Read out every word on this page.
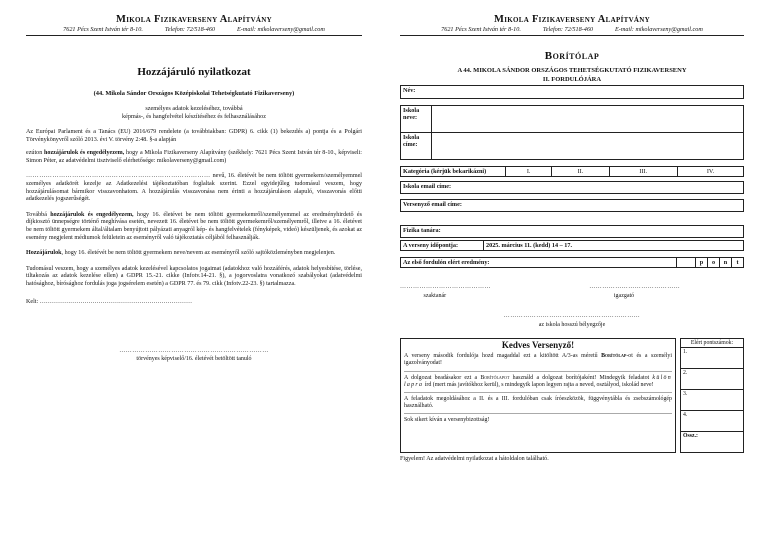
Mikola Fizikaverseny Alapítvány
7621 Pécs Szent István tér 8-10.	Telefon: 72/518-460	E-mail: mikolaverseny@gmail.com
Hozzájáruló nyilatkozat
(44. Mikola Sándor Országos Középiskolai Tehetségkutató Fizikaverseny)
személyes adatok kezeléséhez, továbbá
képmás-, és hangfelvétel készítéséhez és felhasználásához
Az Európai Parlament és a Tanács (EU) 2016/679 rendelete (a továbbiakban: GDPR) 6. cikk (1) bekezdés a) pontja és a Polgári Törvénykönyvről szóló 2013. évi V. törvény 2:48. §-a alapján
ezúton hozzájárulok és engedélyezem, hogy a Mikola Fizikaverseny Alapítvány (székhely: 7621 Pécs Szent István tér 8-10., képviseli: Simon Péter, az adatvédelmi tisztviselő elérhetősége: mikolaverseny@gmail.com)
………………………………………………………………………… nevű, 16. életévét be nem töltött gyermekem/személyemmel személyes adatkörét kezelje az Adatkezelési tájékoztatóban foglaltak szerint. Ezzel egyidejűleg tudomásul veszem, hogy hozzájárulásomat bármikor visszavonhatom. A hozzájárulás visszavonása nem érinti a hozzájáruláson alapuló, visszavonás előtti adatkezelés jogszerűségét.
Továbbá hozzájárulok és engedélyezem, hogy 16. életévet be nem töltött gyermekemről/személyemmel az eredményhirdető és díjkiosztó ünnepségre történő meghívása esetén, nevezett 16. életévet be nem töltött gyermekemről/személyemről, illetve a 16. életévet be nem töltött gyermekem által/általam benyújtott pályázati anyagról kép- és hangfelvételek (fényképek, videó) készüljenek, és azokat az esemény megjelent médiumok felületein az eseményről való tájékoztatás céljából felhasználják.
Hozzájárulok, hogy 16. életévét be nem töltött gyermekem neve/nevem az eseményről szóló sajtóközleményben megjelenjen.
Tudomásul veszem, hogy a személyes adatok kezelésével kapcsolatos jogaimat (adatokhoz való hozzáférés, adatok helyesbítése, törlése, tiltakozás az adatok kezelése ellen) a GDPR 15.-21. cikke (Infotv.14-21. §), a jogorvoslatra vonatkozó szabályokat (adatvédelmi hatósághoz, bírósághoz fordulás joga jogsérelem esetén) a GDPR 77. és 79. cikk (Infotv.22-23. §) tartalmazza.
Kelt: …………………………………………………………………
……………………………………………………………
törvényes képviselő/16. életévét betöltött tanuló
Mikola Fizikaverseny Alapítvány
7621 Pécs Szent István tér 8-10.	Telefon: 72/518-460	E-mail: mikolaverseny@gmail.com
Borítólap
A 44. MIKOLA SÁNDOR ORSZÁGOS TEHETSÉGKUTATÓ FIZIKAVERSENY
II. FORDULÓJÁRA
Név:
Iskola neve:	
Iskola címe:	
Kategória (kérjük bekarikázni)	I.	II.	III.	IV.
Iskola email címe:
Versenyző email címe:
Fizika tanára:
A verseny időpontja:	2025. március 11. (kedd) 14 – 17.
Az első fordulón elért eredmény:		p	o	n	t
……………………………………
szaktanár
……………………………………
igazgató
………………………………………………………
az iskola hosszú bélyegzője
Kedves Versenyző!

A verseny második fordulója hozd magaddal ezt a kitöltött A/3-as méretű Borítólap-ot és a személyi igazolványodat!

A dolgozat beadásakor ezt a Borítólapot használd a dolgozat borítójaként! Mindegyik feladatot külön lapra írd (mert más javítókhoz kerül), s mindegyik lapon legyen rajta a neved, osztályod, iskolád neve!

A feladatok megoldásához a II. és a III. fordulóban csak íróeszközök, függvénytábla és zsebszámológép használható.

Sok sikert kíván a versenybizottság!

Elért pontszámok:
1.
2.
3.
4.
Össz.:
Figyelem! Az adatvédelmi nyilatkozat a hátoldalon található.
